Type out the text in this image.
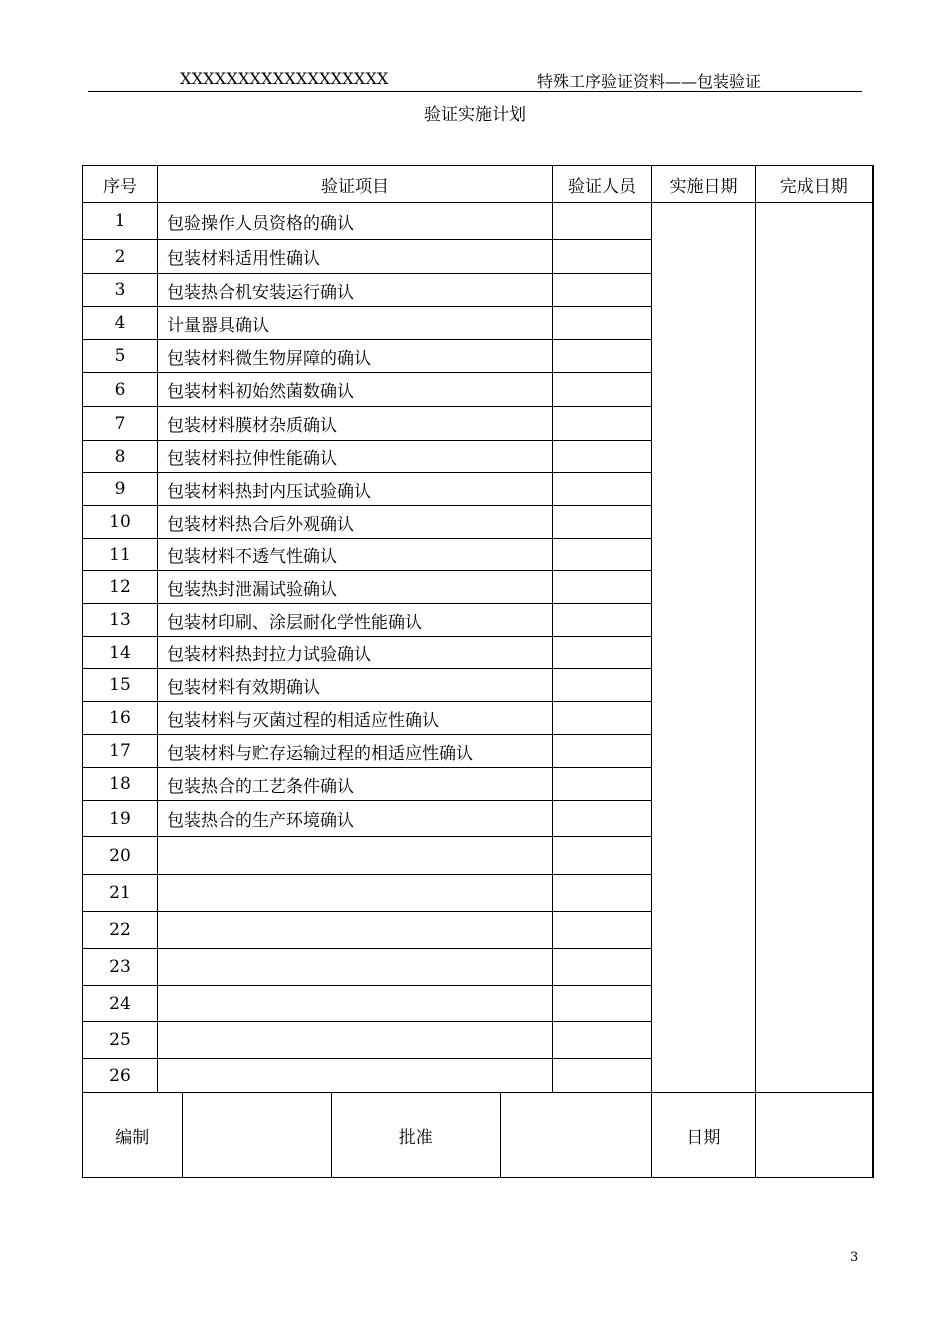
XXXXXXXXXXXXXXXXXX	特殊工序验证资料——包装验证
验证实施计划
序号	验证项目	验证人员	实施日期	完成日期
1	包验操作人员资格的确认			
2	包装材料适用性确认	
3	包装热合机安装运行确认	
4	计量器具确认	
5	包装材料微生物屏障的确认	
6	包装材料初始然菌数确认	
7	包装材料膜材杂质确认	
8	包装材料拉伸性能确认	
9	包装材料热封内压试验确认	
10	包装材料热合后外观确认	
11	包装材料不透气性确认	
12	包装热封泄漏试验确认	
13	包装材印刷、涂层耐化学性能确认	
14	包装材料热封拉力试验确认	
15	包装材料有效期确认	
16	包装材料与灭菌过程的相适应性确认	
17	包装材料与贮存运输过程的相适应性确认	
18	包装热合的工艺条件确认	
19	包装热合的生产环境确认	
20		
21		
22		
23		
24		
25		
26		

编制		批准		日期	
3
